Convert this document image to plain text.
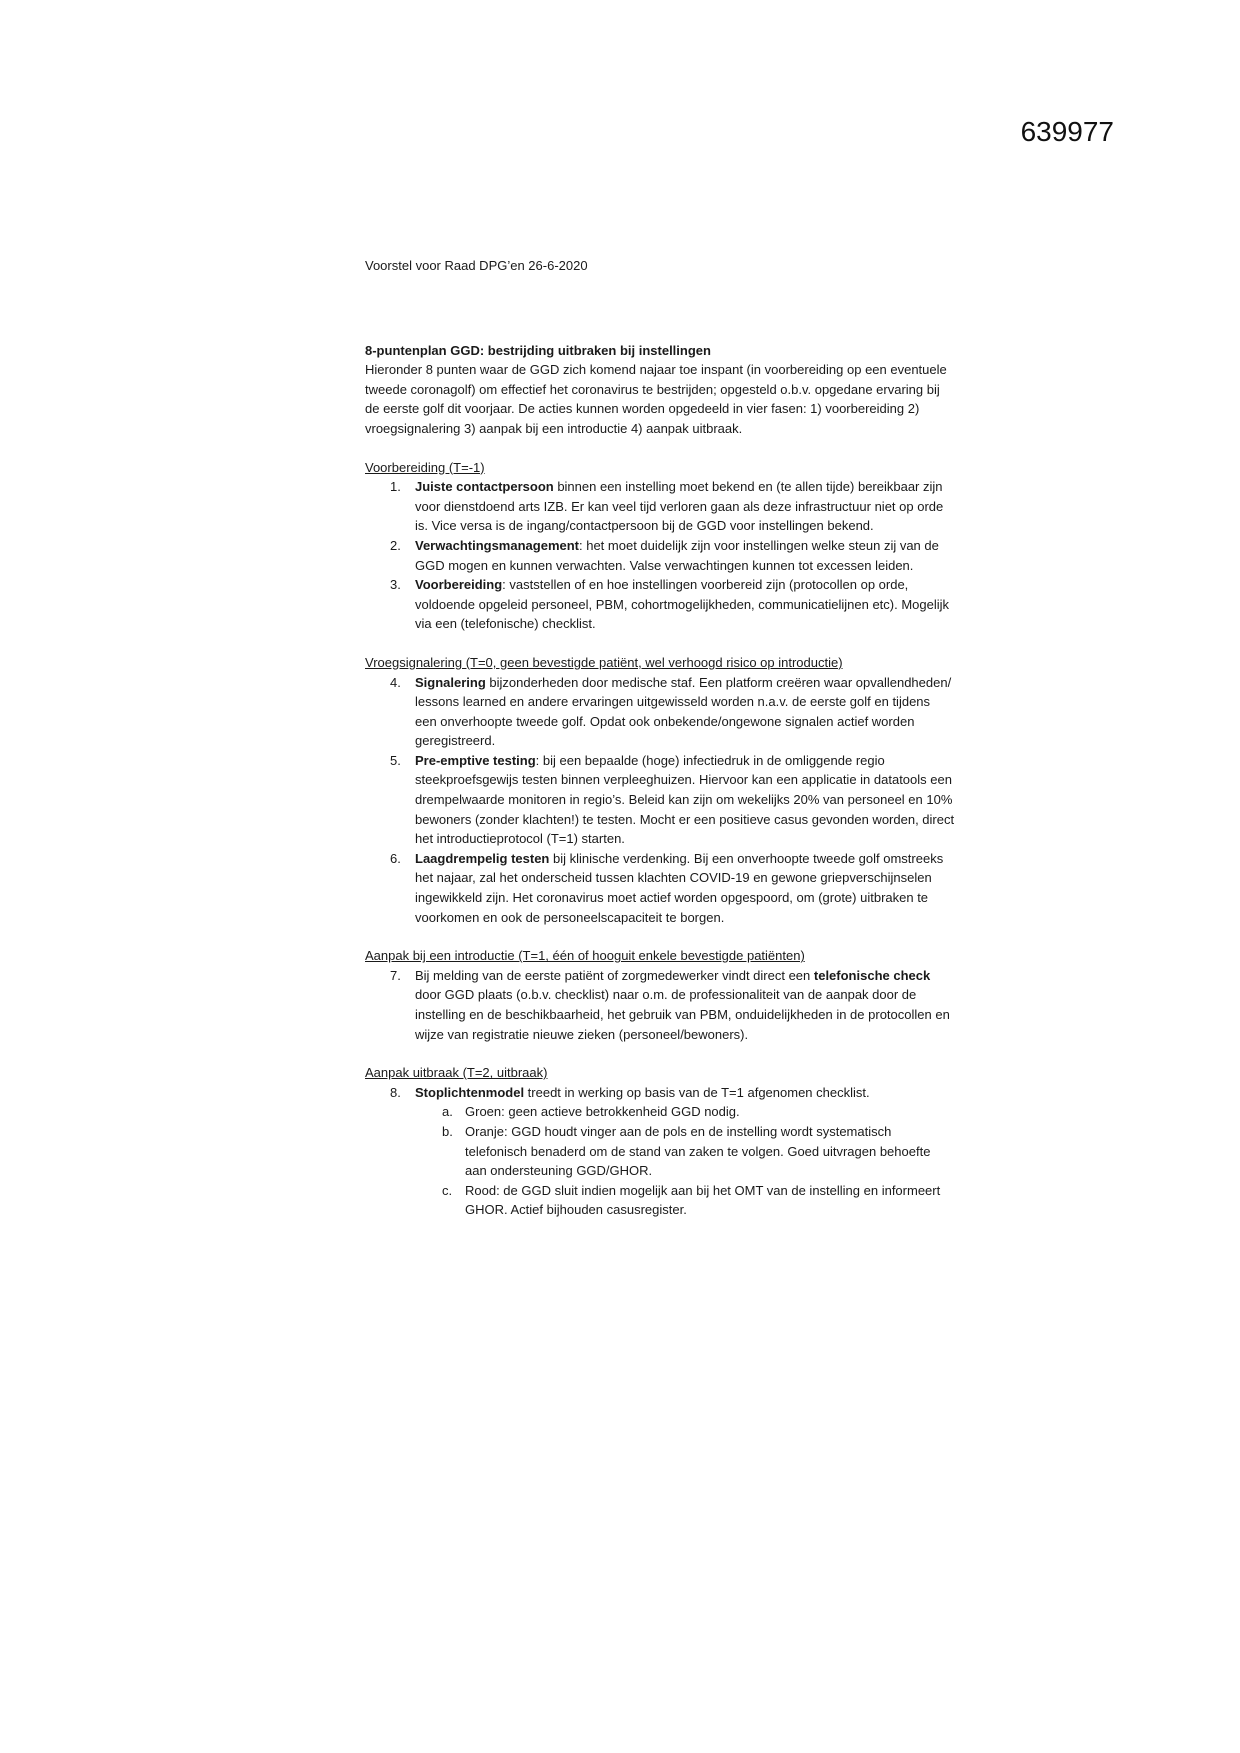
639977

Voorstel voor Raad DPG’en 26-6-2020

8-puntenplan GGD: bestrijding uitbraken bij instellingen

Hieronder 8 punten waar de GGD zich komend najaar toe inspant (in voorbereiding op een eventuele tweede coronagolf) om effectief het coronavirus te bestrijden; opgesteld o.b.v. opgedane ervaring bij de eerste golf dit voorjaar. De acties kunnen worden opgedeeld in vier fasen: 1) voorbereiding 2) vroegsignalering 3) aanpak bij een introductie 4) aanpak uitbraak.

Voorbereiding (T=-1)

1. Juiste contactpersoon binnen een instelling moet bekend en (te allen tijde) bereikbaar zijn voor dienstdoend arts IZB. Er kan veel tijd verloren gaan als deze infrastructuur niet op orde is. Vice versa is de ingang/contactpersoon bij de GGD voor instellingen bekend.
2. Verwachtingsmanagement: het moet duidelijk zijn voor instellingen welke steun zij van de GGD mogen en kunnen verwachten. Valse verwachtingen kunnen tot excessen leiden.
3. Voorbereiding: vaststellen of en hoe instellingen voorbereid zijn (protocollen op orde, voldoende opgeleid personeel, PBM, cohortmogelijkheden, communicatielijnen etc). Mogelijk via een (telefonische) checklist.

Vroegsignalering (T=0, geen bevestigde patiënt, wel verhoogd risico op introductie)

4. Signalering bijzonderheden door medische staf. Een platform creëren waar opvallendheden/ lessons learned en andere ervaringen uitgewisseld worden n.a.v. de eerste golf en tijdens een onverhoopte tweede golf. Opdat ook onbekende/ongewone signalen actief worden geregistreerd.
5. Pre-emptive testing: bij een bepaalde (hoge) infectiedruk in de omliggende regio steekproefsgewijs testen binnen verpleeghuizen. Hiervoor kan een applicatie in datatools een drempelwaarde monitoren in regio’s. Beleid kan zijn om wekelijks 20% van personeel en 10% bewoners (zonder klachten!) te testen. Mocht er een positieve casus gevonden worden, direct het introductieprotocol (T=1) starten.
6. Laagdrempelig testen bij klinische verdenking. Bij een onverhoopte tweede golf omstreeks het najaar, zal het onderscheid tussen klachten COVID-19 en gewone griepverschijnselen ingewikkeld zijn. Het coronavirus moet actief worden opgespoord, om (grote) uitbraken te voorkomen en ook de personeelscapaciteit te borgen.

Aanpak bij een introductie (T=1, één of hooguit enkele bevestigde patiënten)

7. Bij melding van de eerste patiënt of zorgmedewerker vindt direct een telefonische check door GGD plaats (o.b.v. checklist) naar o.m. de professionaliteit van de aanpak door de instelling en de beschikbaarheid, het gebruik van PBM, onduidelijkheden in de protocollen en wijze van registratie nieuwe zieken (personeel/bewoners).

Aanpak uitbraak (T=2, uitbraak)

8. Stoplichtenmodel treedt in werking op basis van de T=1 afgenomen checklist.
a. Groen: geen actieve betrokkenheid GGD nodig.
b. Oranje: GGD houdt vinger aan de pols en de instelling wordt systematisch telefonisch benaderd om de stand van zaken te volgen. Goed uitvragen behoefte aan ondersteuning GGD/GHOR.
c. Rood: de GGD sluit indien mogelijk aan bij het OMT van de instelling en informeert GHOR. Actief bijhouden casusregister.
